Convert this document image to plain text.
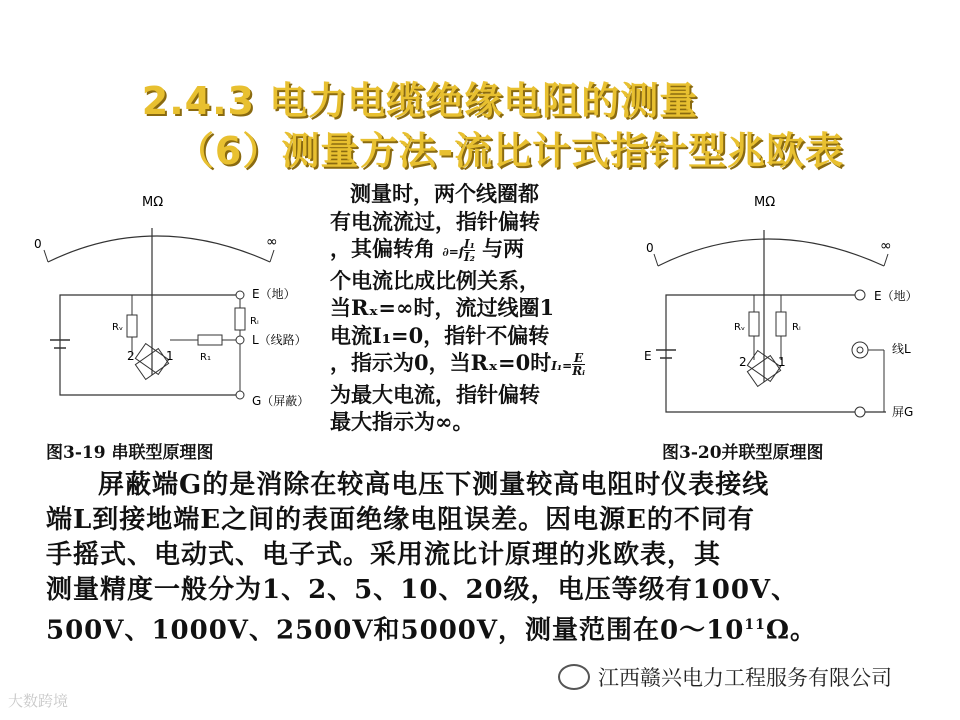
2.4.3 电力电缆绝缘电阻的测量
（6）测量方法-流比计式指针型兆欧表
MΩ
0	∞
2	1
Rᵥ
R₁
Rᵢ
E（地）
L（线路）
G（屏蔽）
图3-19 串联型原理图
测量时，两个线圈都
有电流流过，指针偏转
，其偏转角 $\partial=f \frac{\text{I₁}}{\text{I₂}}$ 与两
个电流比成比例关系，
当Rₓ=∞时，流过线圈1
电流I₁=0，指针不偏转
，指示为0，当Rₓ=0时$I_1= \frac{E}{\text{Rᵢ}}$
为最大电流，指针偏转
最大指示为∞。
MΩ
0	∞
E	2	1
Rᵥ	Rᵢ
E（地）
线L
屏G
图3-20并联型原理图
屏蔽端G的是消除在较高电压下测量较高电阻时仪表接线
端L到接地端E之间的表面绝缘电阻误差。因电源E的不同有
手摇式、电动式、电子式。采用流比计原理的兆欧表，其
测量精度一般分为1、2、5、10、20级，电压等级有100V、
500V、1000V、2500V和5000V，测量范围在$0\sim 10^{11}\Omega$。
大数跨境
江西赣兴电力工程服务有限公司
